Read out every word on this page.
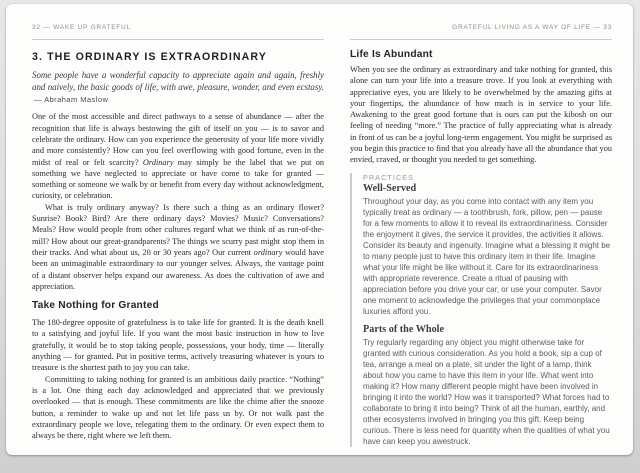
32 — WAKE UP GRATEFUL
3. THE ORDINARY IS EXTRAORDINARY

Some people have a wonderful capacity to appreciate again and again, freshly and naively, the basic goods of life, with awe, pleasure, wonder, and even ecstasy.— Abraham Maslow

One of the most accessible and direct pathways to a sense of abundance — after the recognition that life is always bestowing the gift of itself on you — is to savor and celebrate the ordinary. How can you experience the generosity of your life more vividly and more consistently? How can you feel overflowing with good fortune, even in the midst of real or felt scarcity? Ordinary may simply be the label that we put on something we have neglected to appreciate or have come to take for granted — something or someone we walk by or benefit from every day without acknowledgment, curiosity, or celebration.

What is truly ordinary anyway? Is there such a thing as an ordinary flower? Sunrise? Book? Bird? Are there ordinary days? Movies? Music? Conversations? Meals? How would people from other cultures regard what we think of as run-of-the-mill? How about our great-grandparents? The things we scurry past might stop them in their tracks. And what about us, 20 or 30 years ago? Our current ordinary would have been an unimaginable extraordinary to our younger selves. Always, the vantage point of a distant observer helps expand our awareness. As does the cultivation of awe and appreciation.

Take Nothing for Granted

The 180-degree opposite of gratefulness is to take life for granted. It is the death knell to a satisfying and joyful life. If you want the most basic instruction in how to live gratefully, it would be to stop taking people, possessions, your body, time — literally anything — for granted. Put in positive terms, actively treasuring whatever is yours to treasure is the shortest path to joy you can take.

Committing to taking nothing for granted is an ambitious daily practice. “Nothing” is a lot. One thing each day acknowledged and appreciated that we previously overlooked — that is enough. These commitments are like the chime after the snooze button, a reminder to wake up and not let life pass us by. Or not walk past the extraordinary people we love, relegating them to the ordinary. Or even expect them to always be there, right where we left them.

GRATEFUL LIVING AS A WAY OF LIFE — 33
Life Is Abundant

When you see the ordinary as extraordinary and take nothing for granted, this alone can turn your life into a treasure trove. If you look at everything with appreciative eyes, you are likely to be overwhelmed by the amazing gifts at your fingertips, the abundance of how much is in service to your life. Awakening to the great good fortune that is ours can put the kibosh on our feeling of needing “more.” The practice of fully appreciating what is already in front of us can be a joyful long-term engagement. You might be surprised as you begin this practice to find that you already have all the abundance that you envied, craved, or thought you needed to get something.

PRACTICES
Well-Served

Throughout your day, as you come into contact with any item you typically treat as ordinary — a toothbrush, fork, pillow, pen — pause for a few moments to allow it to reveal its extraordinariness. Consider the enjoyment it gives, the service it provides, the activities it allows. Consider its beauty and ingenuity. Imagine what a blessing it might be to many people just to have this ordinary item in their life. Imagine what your life might be like without it. Care for its extraordinariness with appropriate reverence. Create a ritual of pausing with appreciation before you drive your car, or use your computer. Savor one moment to acknowledge the privileges that your commonplace luxuries afford you.

Parts of the Whole

Try regularly regarding any object you might otherwise take for granted with curious consideration. As you hold a book, sip a cup of tea, arrange a meal on a plate, sit under the light of a lamp, think about how you came to have this item in your life. What went into making it? How many different people might have been involved in bringing it into the world? How was it transported? What forces had to collaborate to bring it into being? Think of all the human, earthly, and other ecosystems involved in bringing you this gift. Keep being curious. There is less need for quantity when the qualities of what you have can keep you awestruck.
